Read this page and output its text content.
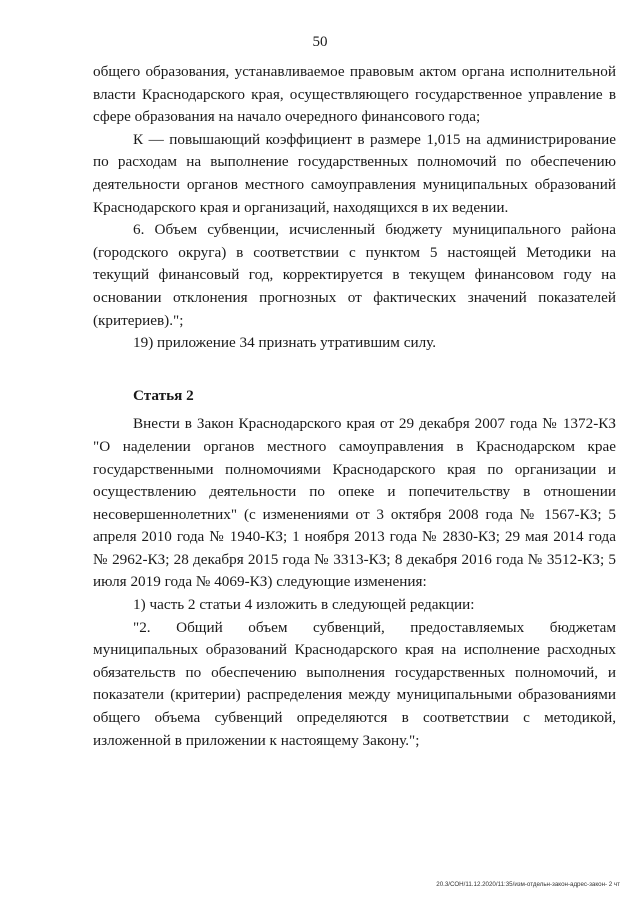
50

общего образования, устанавливаемое правовым актом органа исполнительной власти Краснодарского края, осуществляющего государственное управление в сфере образования на начало очередного финансового года;

К — повышающий коэффициент в размере 1,015 на администрирование по расходам на выполнение государственных полномочий по обеспечению деятельности органов местного самоуправления муниципальных образований Краснодарского края и организаций, находящихся в их ведении.

6. Объем субвенции, исчисленный бюджету муниципального района (городского округа) в соответствии с пунктом 5 настоящей Методики на текущий финансовый год, корректируется в текущем финансовом году на основании отклонения прогнозных от фактических значений показателей (критериев).";

19) приложение 34 признать утратившим силу.

Статья 2

Внести в Закон Краснодарского края от 29 декабря 2007 года № 1372-КЗ "О наделении органов местного самоуправления в Краснодарском крае государственными полномочиями Краснодарского края по организации и осуществлению деятельности по опеке и попечительству в отношении несовершеннолетних" (с изменениями от 3 октября 2008 года № 1567-КЗ; 5 апреля 2010 года № 1940-КЗ; 1 ноября 2013 года № 2830-КЗ; 29 мая 2014 года № 2962-КЗ; 28 декабря 2015 года № 3313-КЗ; 8 декабря 2016 года № 3512-КЗ; 5 июля 2019 года № 4069-КЗ) следующие изменения:

1) часть 2 статьи 4 изложить в следующей редакции:

"2. Общий объем субвенций, предоставляемых бюджетам муниципальных образований Краснодарского края на исполнение расходных обязательств по обеспечению выполнения государственных полномочий, и показатели (критерии) распределения между муниципальными образованиями общего объема субвенций определяются в соответствии с методикой, изложенной в приложении к настоящему Закону.";

20.3/СОН/11.12.2020/11:35/изм-отдельн-закон-адрес-закон- 2 чт
